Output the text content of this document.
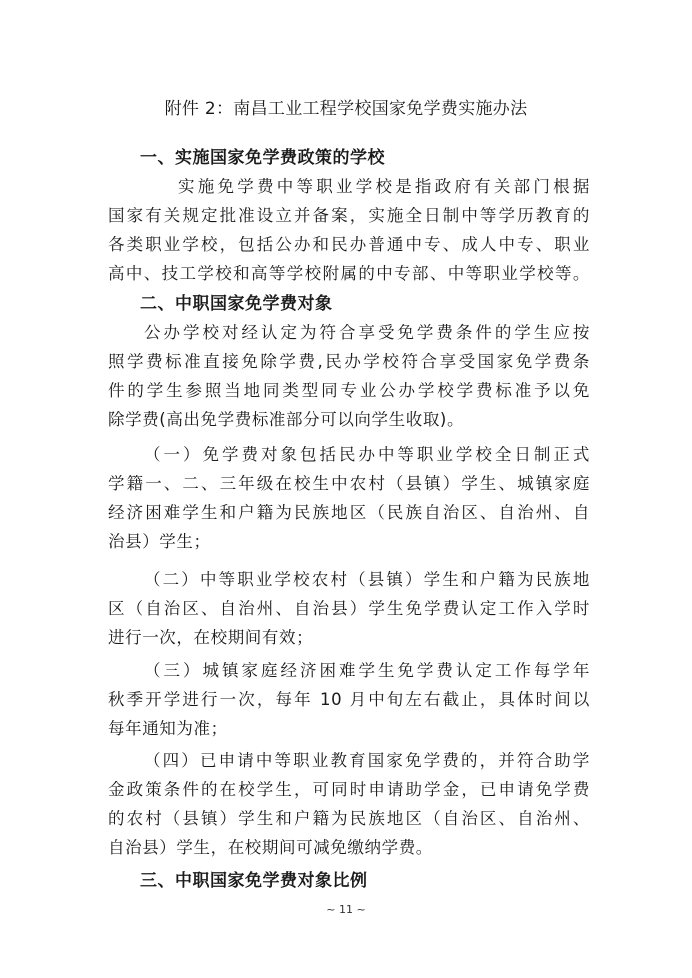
附件 2：南昌工业工程学校国家免学费实施办法
一、实施国家免学费政策的学校
实施免学费中等职业学校是指政府有关部门根据
国家有关规定批准设立并备案，实施全日制中等学历教育的
各类职业学校，包括公办和民办普通中专、成人中专、职业
高中、技工学校和高等学校附属的中专部、中等职业学校等。
二、中职国家免学费对象
公办学校对经认定为符合享受免学费条件的学生应按
照学费标准直接免除学费,民办学校符合享受国家免学费条
件的学生参照当地同类型同专业公办学校学费标准予以免
除学费(高出免学费标准部分可以向学生收取)。
（一）免学费对象包括民办中等职业学校全日制正式
学籍一、二、三年级在校生中农村（县镇）学生、城镇家庭
经济困难学生和户籍为民族地区（民族自治区、自治州、自
治县）学生；
（二）中等职业学校农村（县镇）学生和户籍为民族地
区（自治区、自治州、自治县）学生免学费认定工作入学时
进行一次，在校期间有效；
（三）城镇家庭经济困难学生免学费认定工作每学年
秋季开学进行一次，每年 10 月中旬左右截止，具体时间以
每年通知为准；
（四）已申请中等职业教育国家免学费的，并符合助学
金政策条件的在校学生，可同时申请助学金，已申请免学费
的农村（县镇）学生和户籍为民族地区（自治区、自治州、
自治县）学生，在校期间可减免缴纳学费。
三、中职国家免学费对象比例
~ 11 ~
